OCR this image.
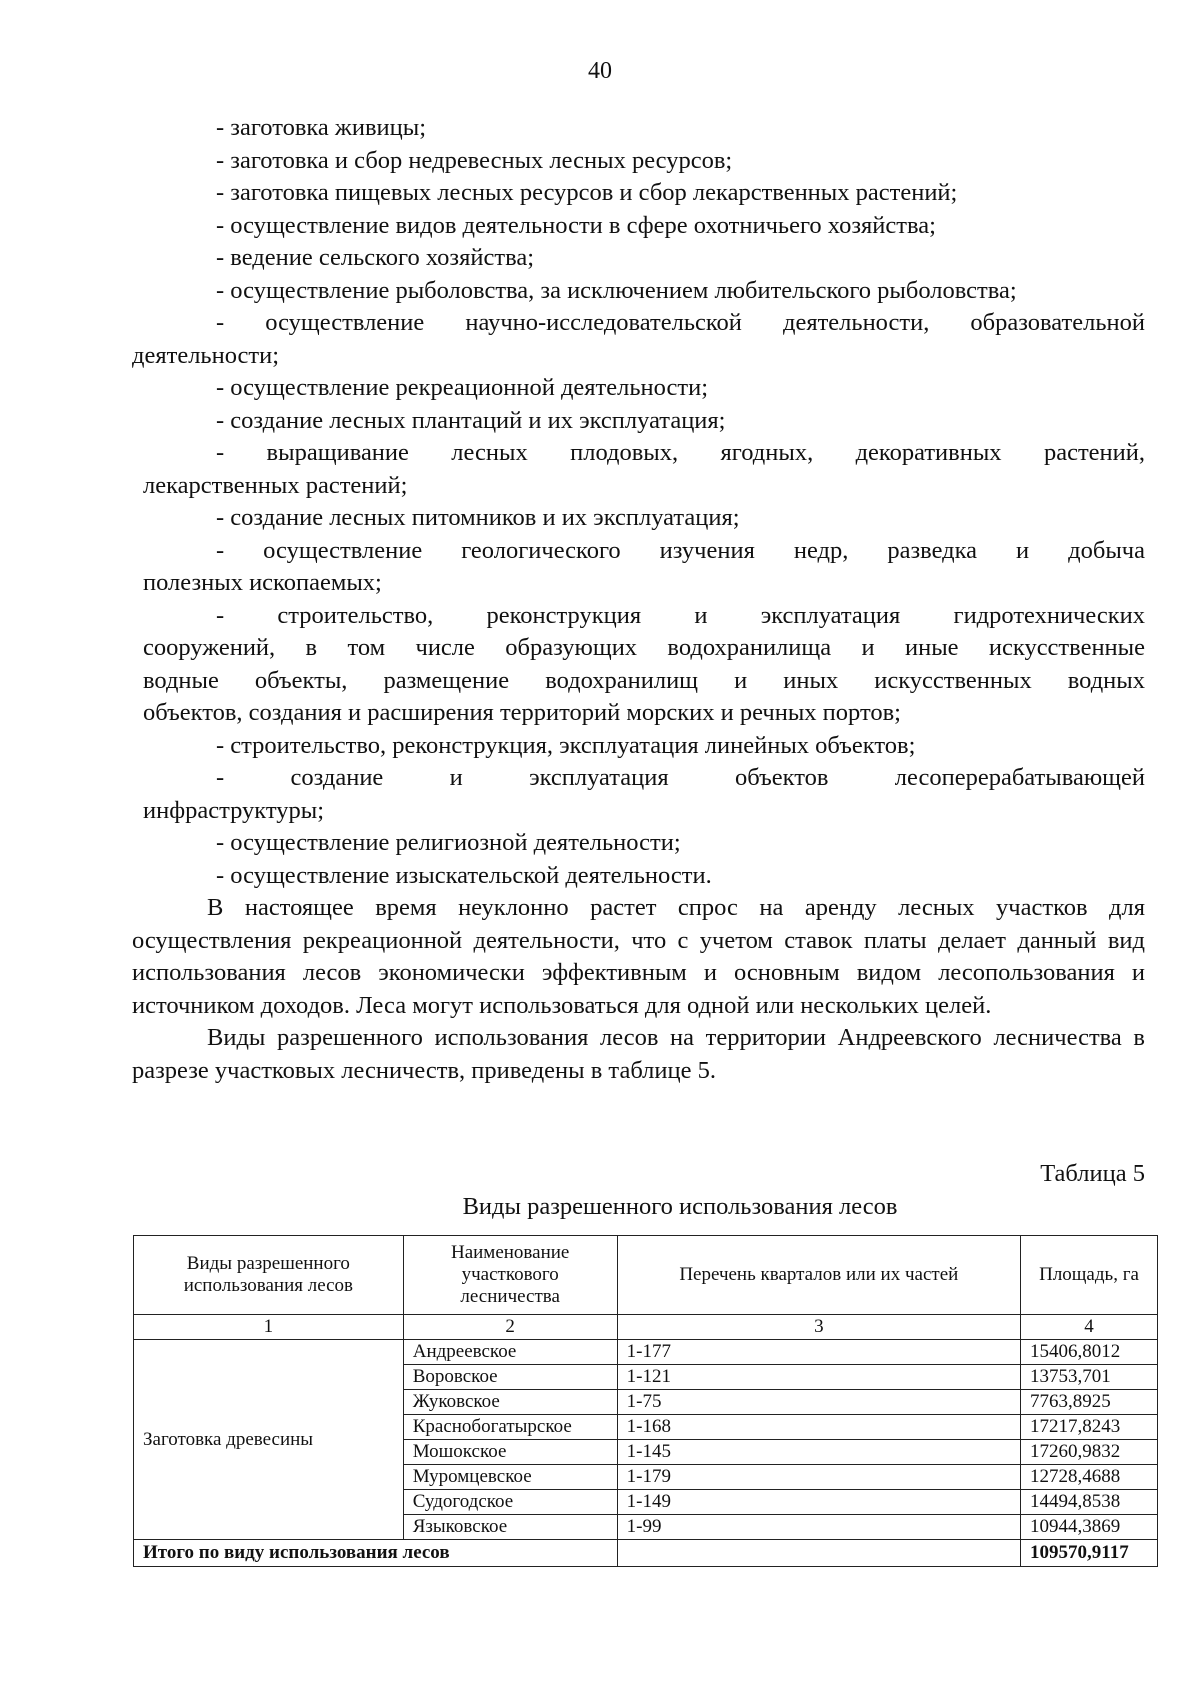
40
- заготовка живицы;
- заготовка и сбор недревесных лесных ресурсов;
- заготовка пищевых лесных ресурсов и сбор лекарственных растений;
- осуществление видов деятельности в сфере охотничьего хозяйства;
- ведение сельского хозяйства;
- осуществление рыболовства, за исключением любительского рыболовства;
- осуществление научно-исследовательской деятельности, образовательной
деятельности;
- осуществление рекреационной деятельности;
- создание лесных плантаций и их эксплуатация;
- выращивание лесных плодовых, ягодных, декоративных растений,
лекарственных растений;
- создание лесных питомников и их эксплуатация;
- осуществление геологического изучения недр, разведка и добыча
полезных ископаемых;
- строительство, реконструкция и эксплуатация гидротехнических
сооружений, в том числе образующих водохранилища и иные искусственные
водные объекты, размещение водохранилищ и иных искусственных водных
объектов, создания и расширения территорий морских и речных портов;
- строительство, реконструкция, эксплуатация линейных объектов;
- создание и эксплуатация объектов лесоперерабатывающей
инфраструктуры;
- осуществление религиозной деятельности;
- осуществление изыскательской деятельности.
В настоящее время неуклонно растет спрос на аренду лесных участков для осуществления рекреационной деятельности, что с учетом ставок платы делает данный вид использования лесов экономически эффективным и основным видом лесопользования и источником доходов. Леса могут использоваться для одной или нескольких целей.
Виды разрешенного использования лесов на территории Андреевского лесничества в разрезе участковых лесничеств, приведены в таблице 5.
Таблица 5
Виды разрешенного использования лесов
Виды разрешенного использования лесов	Наименование участкового лесничества	Перечень кварталов или их частей	Площадь, га
1	2	3	4
Заготовка древесины	Андреевское	1-177	15406,8012
	Воровское	1-121	13753,701
	Жуковское	1-75	7763,8925
	Краснобогатырское	1-168	17217,8243
	Мошокское	1-145	17260,9832
	Муромцевское	1-179	12728,4688
	Судогодское	1-149	14494,8538
	Языковское	1-99	10944,3869
Итого по виду использования лесов			109570,9117
